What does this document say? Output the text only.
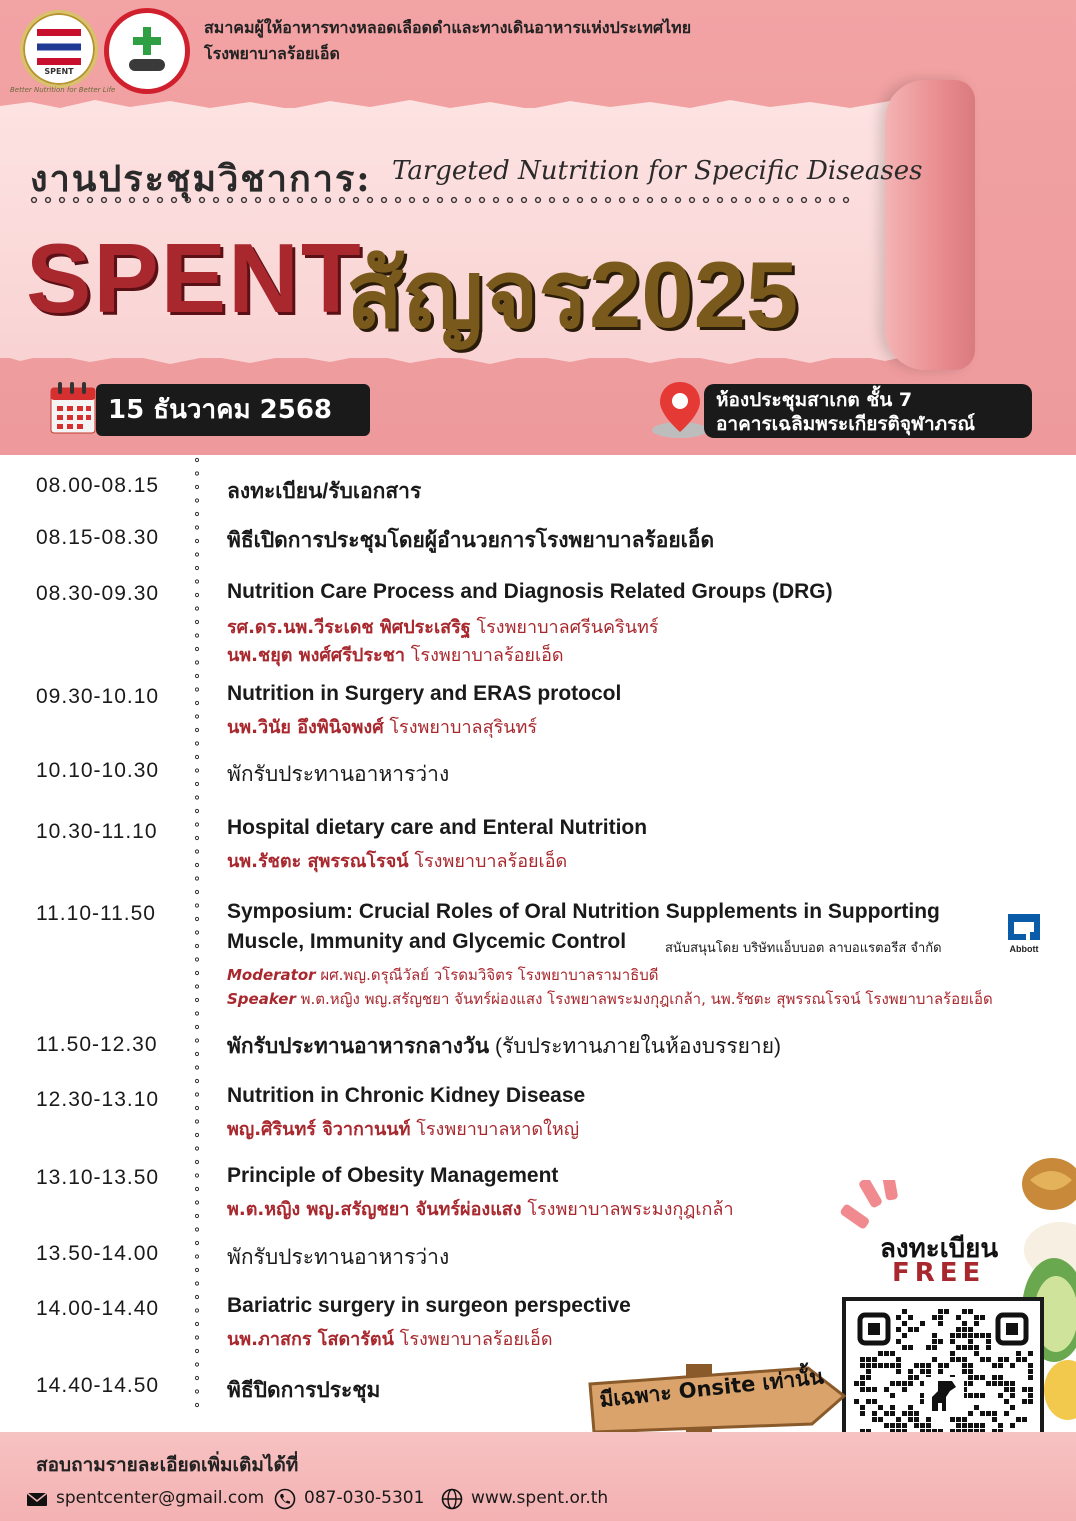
SPENT
Better Nutrition for Better Life
สมาคมผู้ให้อาหารทางหลอดเลือดดำและทางเดินอาหารแห่งประเทศไทย
โรงพยาบาลร้อยเอ็ด
งานประชุมวิชาการ: Targeted Nutrition for Specific Diseases
SPENT
สัญจร2025
15 ธันวาคม 2568	ห้องประชุมสาเกต ชั้น 7
อาคารเฉลิมพระเกียรติจุฬาภรณ์
08.00-08.15	ลงทะเบียน/รับเอกสาร
08.15-08.30	พิธีเปิดการประชุมโดยผู้อำนวยการโรงพยาบาลร้อยเอ็ด
08.30-09.30	Nutrition Care Process and Diagnosis Related Groups (DRG)
รศ.ดร.นพ.วีระเดช พิศประเสริฐ โรงพยาบาลศรีนครินทร์
นพ.ชยุต พงศ์ศรีประชา โรงพยาบาลร้อยเอ็ด
09.30-10.10	Nutrition in Surgery and ERAS protocol
นพ.วินัย อึงพินิจพงศ์ โรงพยาบาลสุรินทร์
10.10-10.30	พักรับประทานอาหารว่าง
10.30-11.10	Hospital dietary care and Enteral Nutrition
นพ.รัชตะ สุพรรณโรจน์ โรงพยาบาลร้อยเอ็ด
11.10-11.50	Symposium: Crucial Roles of Oral Nutrition Supplements in Supporting
Muscle, Immunity and Glycemic Control	สนับสนุนโดย บริษัทแอ็บบอต ลาบอแรตอรีส จำกัด	Abbott
Moderator ผศ.พญ.ดรุณีวัลย์ วโรดมวิจิตร โรงพยาบาลรามาธิบดี
Speaker พ.ต.หญิง พญ.สรัญชยา จันทร์ผ่องแสง โรงพยาลพระมงกุฎเกล้า, นพ.รัชตะ สุพรรณโรจน์ โรงพยาบาลร้อยเอ็ด
11.50-12.30	พักรับประทานอาหารกลางวัน (รับประทานภายในห้องบรรยาย)
12.30-13.10	Nutrition in Chronic Kidney Disease
พญ.ศิรินทร์ จิวากานนท์ โรงพยาบาลหาดใหญ่
13.10-13.50	Principle of Obesity Management
พ.ต.หญิง พญ.สรัญชยา จันทร์ผ่องแสง โรงพยาบาลพระมงกุฎเกล้า
13.50-14.00	พักรับประทานอาหารว่าง
14.00-14.40	Bariatric surgery in surgeon perspective
นพ.ภาสกร โสดารัตน์ โรงพยาบาลร้อยเอ็ด
14.40-14.50	พิธีปิดการประชุม
ลงทะเบียน
FREE
มีเฉพาะ Onsite เท่านั้น
สอบถามรายละเอียดเพิ่มเติมได้ที่
spentcenter@gmail.com 087-030-5301	www.spent.or.th
